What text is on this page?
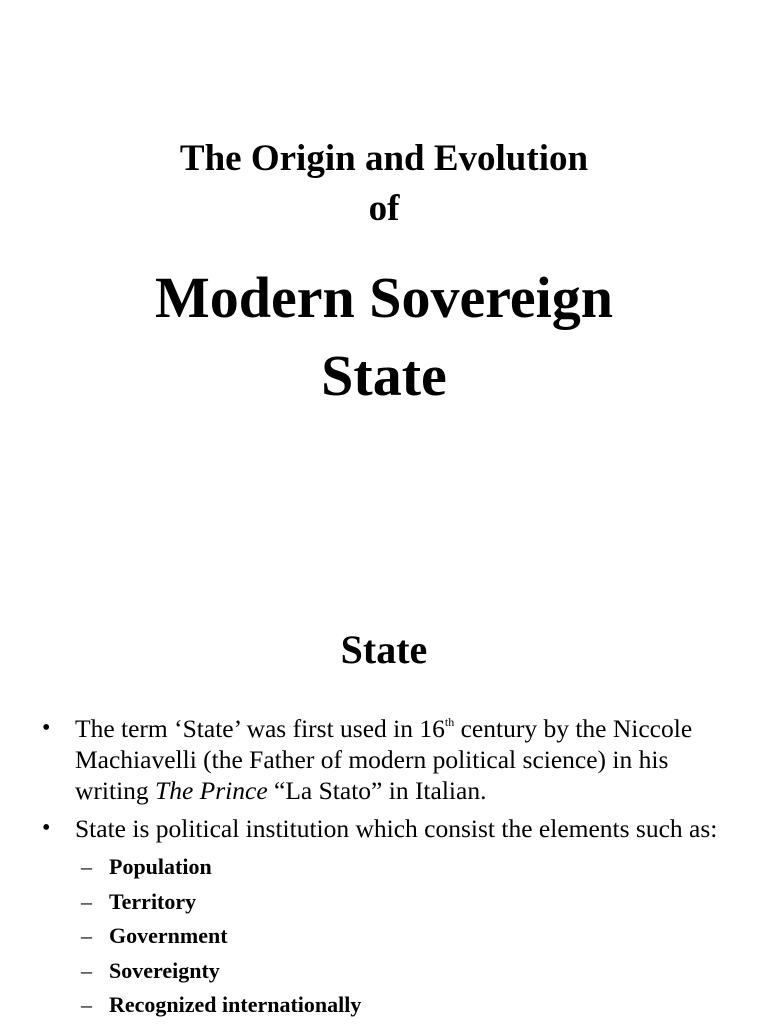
The Origin and Evolution
of
Modern Sovereign
State
State
• The term ‘State’ was first used in 16th century by the Niccole Machiavelli (the Father of modern political science) in his writing The Prince “La Stato” in Italian.
• State is political institution which consist the elements such as:
– Population
– Territory
– Government
– Sovereignty
– Recognized internationally
